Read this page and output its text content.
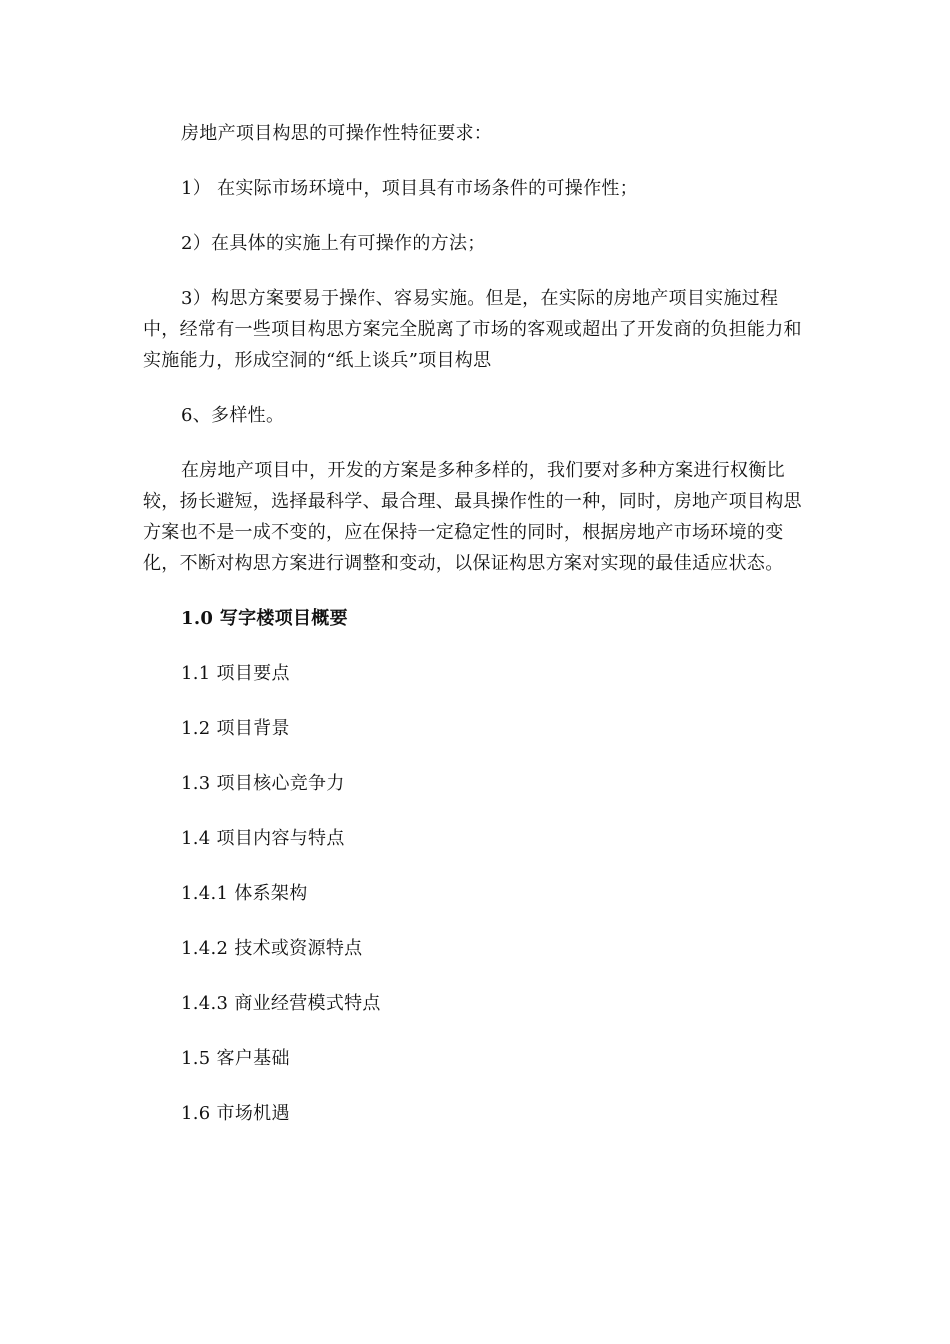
房地产项目构思的可操作性特征要求：

1） 在实际市场环境中，项目具有市场条件的可操作性；

2）在具体的实施上有可操作的方法；

3）构思方案要易于操作、容易实施。但是，在实际的房地产项目实施过程中，经常有一些项目构思方案完全脱离了市场的客观或超出了开发商的负担能力和实施能力，形成空洞的“纸上谈兵”项目构思

6、多样性。

在房地产项目中，开发的方案是多种多样的，我们要对多种方案进行权衡比较，扬长避短，选择最科学、最合理、最具操作性的一种，同时，房地产项目构思方案也不是一成不变的，应在保持一定稳定性的同时，根据房地产市场环境的变化，不断对构思方案进行调整和变动，以保证构思方案对实现的最佳适应状态。

1.0 写字楼项目概要

1.1 项目要点

1.2 项目背景

1.3 项目核心竞争力

1.4 项目内容与特点

1.4.1 体系架构

1.4.2 技术或资源特点

1.4.3 商业经营模式特点

1.5 客户基础

1.6 市场机遇
